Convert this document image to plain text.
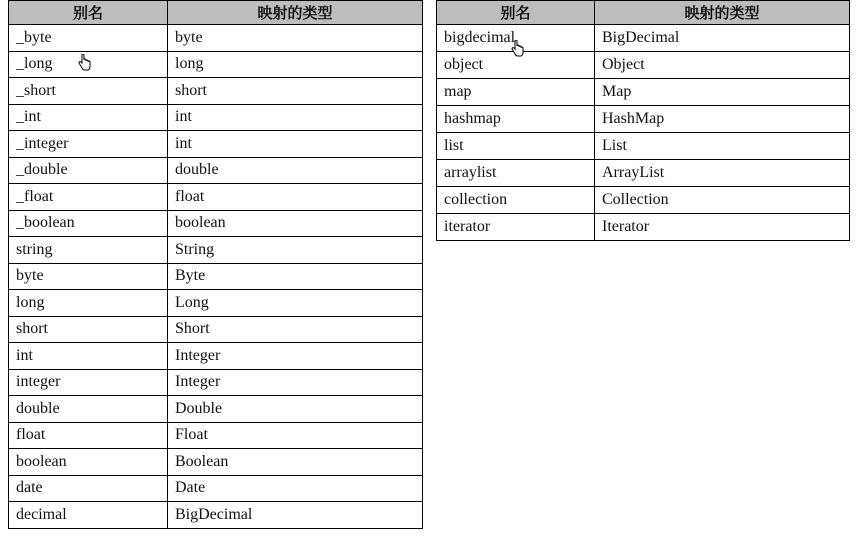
别名	映射的类型
_byte	byte
_long	long
_short	short
_int	int
_integer	int
_double	double
_float	float
_boolean	boolean
string	String
byte	Byte
long	Long
short	Short
int	Integer
integer	Integer
double	Double
float	Float
boolean	Boolean
date	Date
decimal	BigDecimal
别名	映射的类型
bigdecimal	BigDecimal
object	Object
map	Map
hashmap	HashMap
list	List
arraylist	ArrayList
collection	Collection
iterator	Iterator
